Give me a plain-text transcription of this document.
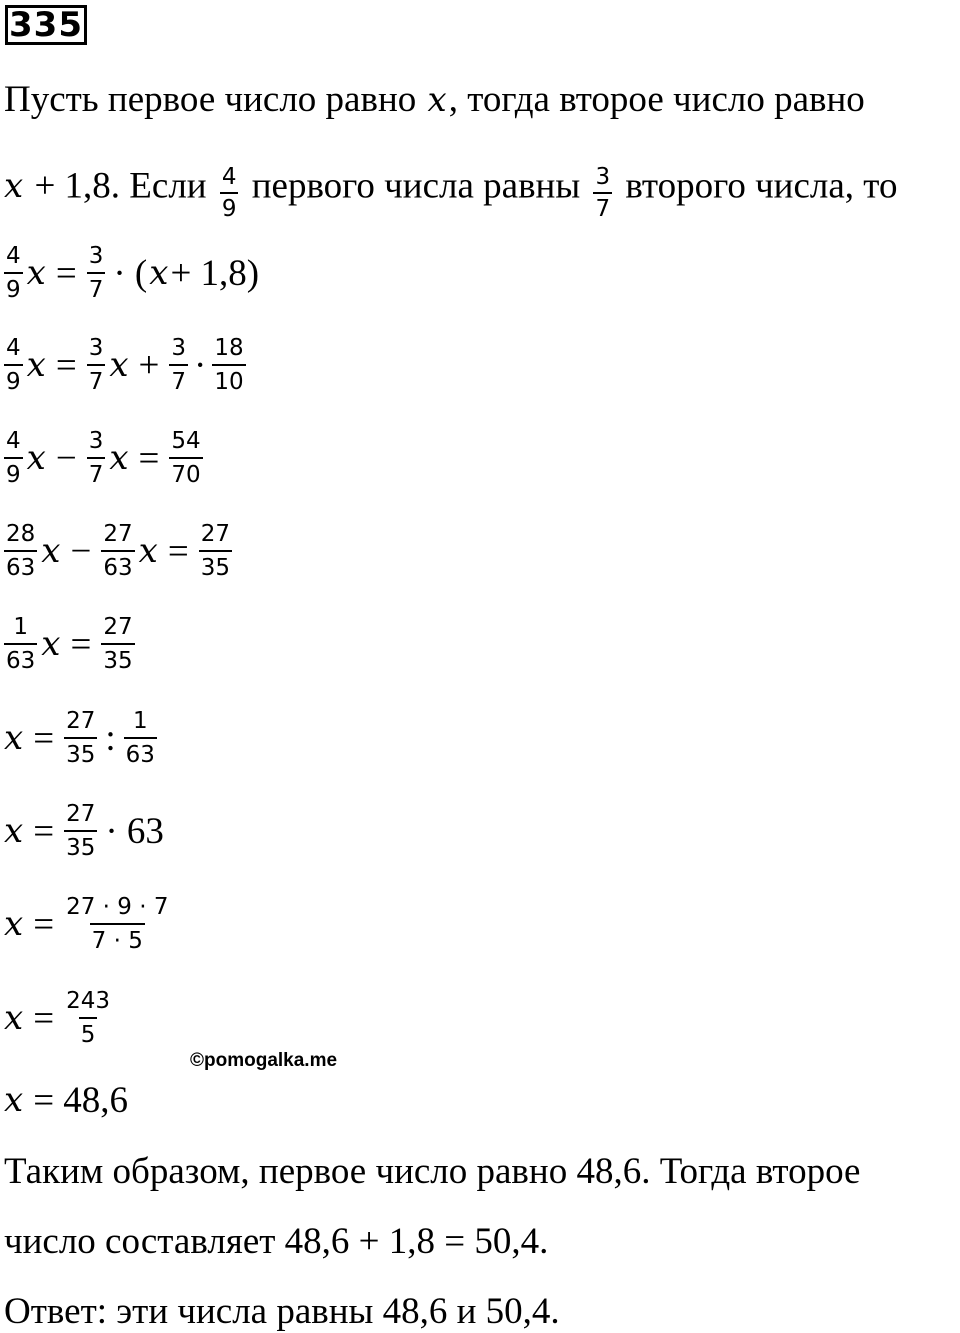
335
Пусть первое число равно x, тогда второе число равно
x + 1,8. Если $\frac{4}{9}$ первого числа равны $\frac{3}{7}$ второго числа, то
$\frac{4}{9}$ $x = \frac{3}{7}$ · ( x + 1,8)
$\frac{4}{9}$ $x = \frac{3}{7}$ $x + \frac{3}{7} \cdot \frac{18}{10}$
$\frac{4}{9}$ $x - \frac{3}{7}$ $x = \frac{54}{70}$
$\frac{28}{63}$ $x - \frac{27}{63}$ $x = \frac{27}{35}$
$\frac{1}{63}$ $x = \frac{27}{35}$
$x = \frac{27}{35}$ : $\frac{1}{63}$
$x = \frac{27}{35} \cdot 63$
$x = \frac{27 \cdot 9 \cdot 7}{7 \cdot 5}$
$x = \frac{243}{5}$
©pomogalka.me
x = 48,6
Таким образом, первое число равно 48,6. Тогда второе
число составляет 48,6 + 1,8 = 50,4.
Ответ: эти числа равны 48,6 и 50,4.
